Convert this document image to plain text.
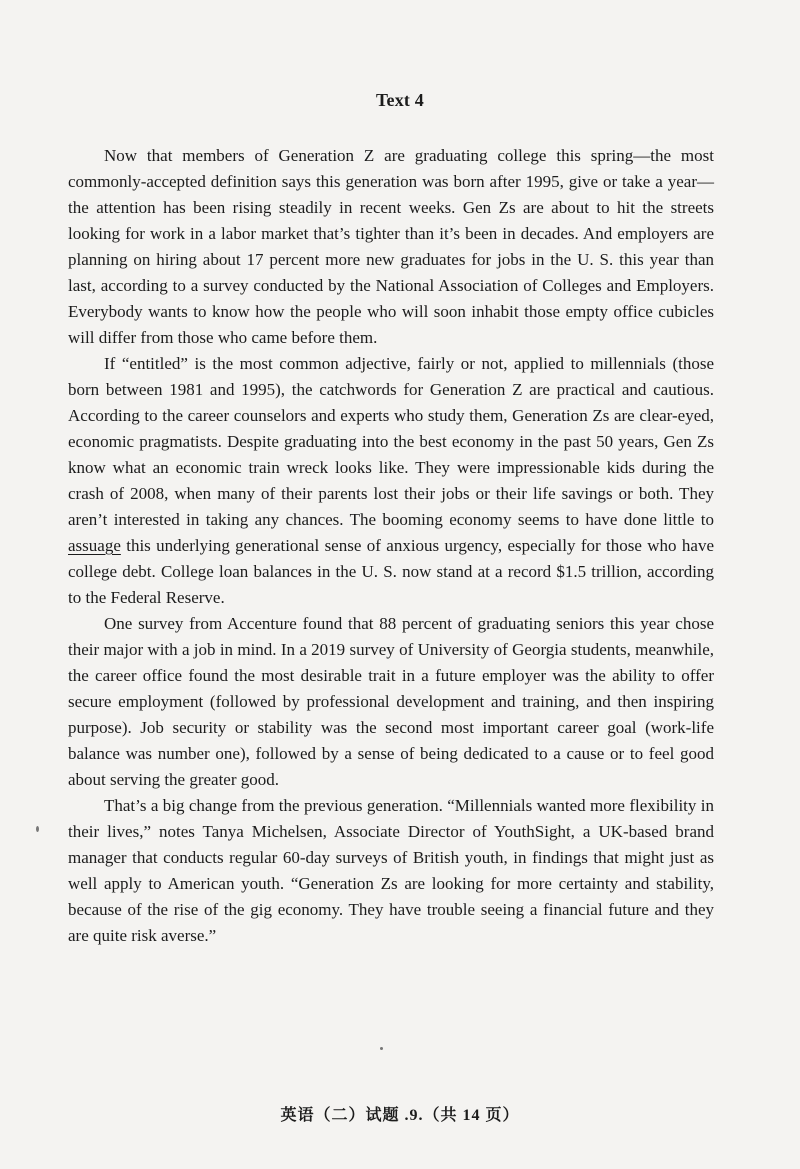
Text 4

Now that members of Generation Z are graduating college this spring—the most commonly-accepted definition says this generation was born after 1995, give or take a year—the attention has been rising steadily in recent weeks. Gen Zs are about to hit the streets looking for work in a labor market that’s tighter than it’s been in decades. And employers are planning on hiring about 17 percent more new graduates for jobs in the U. S. this year than last, according to a survey conducted by the National Association of Colleges and Employers. Everybody wants to know how the people who will soon inhabit those empty office cubicles will differ from those who came before them.

If “entitled” is the most common adjective, fairly or not, applied to millennials (those born between 1981 and 1995), the catchwords for Generation Z are practical and cautious. According to the career counselors and experts who study them, Generation Zs are clear-eyed, economic pragmatists. Despite graduating into the best economy in the past 50 years, Gen Zs know what an economic train wreck looks like. They were impressionable kids during the crash of 2008, when many of their parents lost their jobs or their life savings or both. They aren’t interested in taking any chances. The booming economy seems to have done little to assuage this underlying generational sense of anxious urgency, especially for those who have college debt. College loan balances in the U. S. now stand at a record $1.5 trillion, according to the Federal Reserve.

One survey from Accenture found that 88 percent of graduating seniors this year chose their major with a job in mind. In a 2019 survey of University of Georgia students, meanwhile, the career office found the most desirable trait in a future employer was the ability to offer secure employment (followed by professional development and training, and then inspiring purpose). Job security or stability was the second most important career goal (work-life balance was number one), followed by a sense of being dedicated to a cause or to feel good about serving the greater good.

That’s a big change from the previous generation. “Millennials wanted more flexibility in their lives,” notes Tanya Michelsen, Associate Director of YouthSight, a UK-based brand manager that conducts regular 60-day surveys of British youth, in findings that might just as well apply to American youth. “Generation Zs are looking for more certainty and stability, because of the rise of the gig economy. They have trouble seeing a financial future and they are quite risk averse.”

英语（二）试题 .9.（共 14 页）
